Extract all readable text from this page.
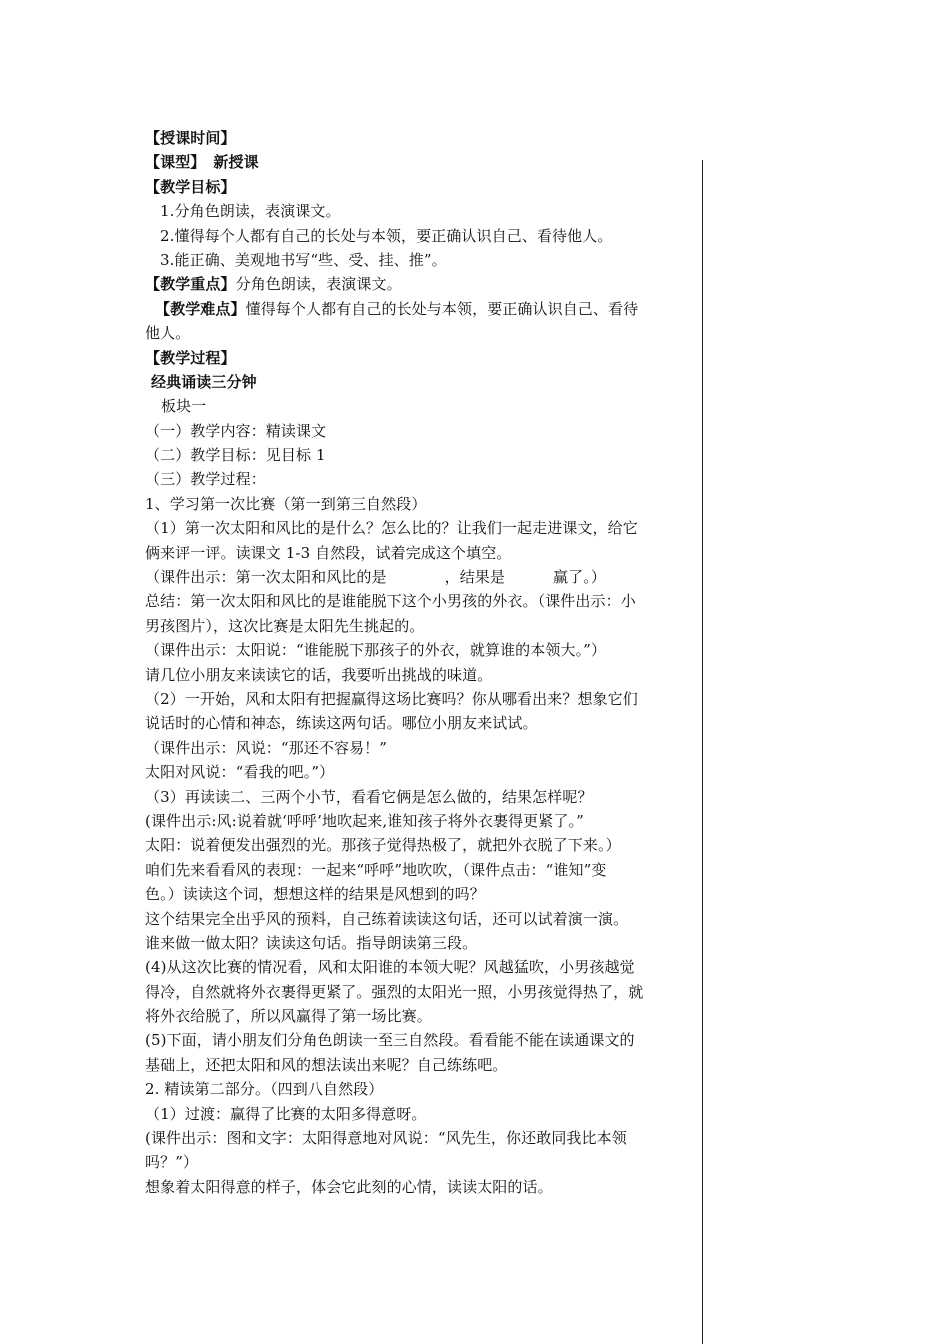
【授课时间】
【课型】 新授课
【教学目标】
1.分角色朗读，表演课文。
2.懂得每个人都有自己的长处与本领，要正确认识自己、看待他人。
3.能正确、美观地书写“些、受、挂、推”。
【教学重点】分角色朗读，表演课文。
【教学难点】懂得每个人都有自己的长处与本领，要正确认识自己、看待
他人。
【教学过程】
经典诵读三分钟
板块一
（一）教学内容：精读课文
（二）教学目标：见目标 1
（三）教学过程：
1、学习第一次比赛（第一到第三自然段）
（1）第一次太阳和风比的是什么？怎么比的？让我们一起走进课文，给它
俩来评一评。读课文 1-3 自然段，试着完成这个填空。
（课件出示：第一次太阳和风比的是	，结果是	赢了。）
总结：第一次太阳和风比的是谁能脱下这个小男孩的外衣。（课件出示：小
男孩图片），这次比赛是太阳先生挑起的。
（课件出示：太阳说：“谁能脱下那孩子的外衣，就算谁的本领大。”）
请几位小朋友来读读它的话，我要听出挑战的味道。
（2）一开始，风和太阳有把握赢得这场比赛吗？你从哪看出来？想象它们
说话时的心情和神态，练读这两句话。哪位小朋友来试试。
（课件出示：风说：“那还不容易！”
太阳对风说：“看我的吧。”）
（3）再读读二、三两个小节，看看它俩是怎么做的，结果怎样呢？
(课件出示:风:说着就‘呼呼’地吹起来,谁知孩子将外衣裹得更紧了。”
太阳：说着便发出强烈的光。那孩子觉得热极了，就把外衣脱了下来。）
咱们先来看看风的表现：一起来“呼呼”地吹吹，（课件点击：“谁知”变
色。）读读这个词，想想这样的结果是风想到的吗？
这个结果完全出乎风的预料，自己练着读读这句话，还可以试着演一演。
谁来做一做太阳？读读这句话。指导朗读第三段。
(4)从这次比赛的情况看，风和太阳谁的本领大呢？风越猛吹，小男孩越觉
得冷，自然就将外衣裹得更紧了。强烈的太阳光一照，小男孩觉得热了，就
将外衣给脱了，所以风赢得了第一场比赛。
(5)下面，请小朋友们分角色朗读一至三自然段。看看能不能在读通课文的
基础上，还把太阳和风的想法读出来呢？自己练练吧。
2. 精读第二部分。（四到八自然段）
（1）过渡：赢得了比赛的太阳多得意呀。
(课件出示：图和文字：太阳得意地对风说：“风先生，你还敢同我比本领
吗？”）
想象着太阳得意的样子，体会它此刻的心情，读读太阳的话。
